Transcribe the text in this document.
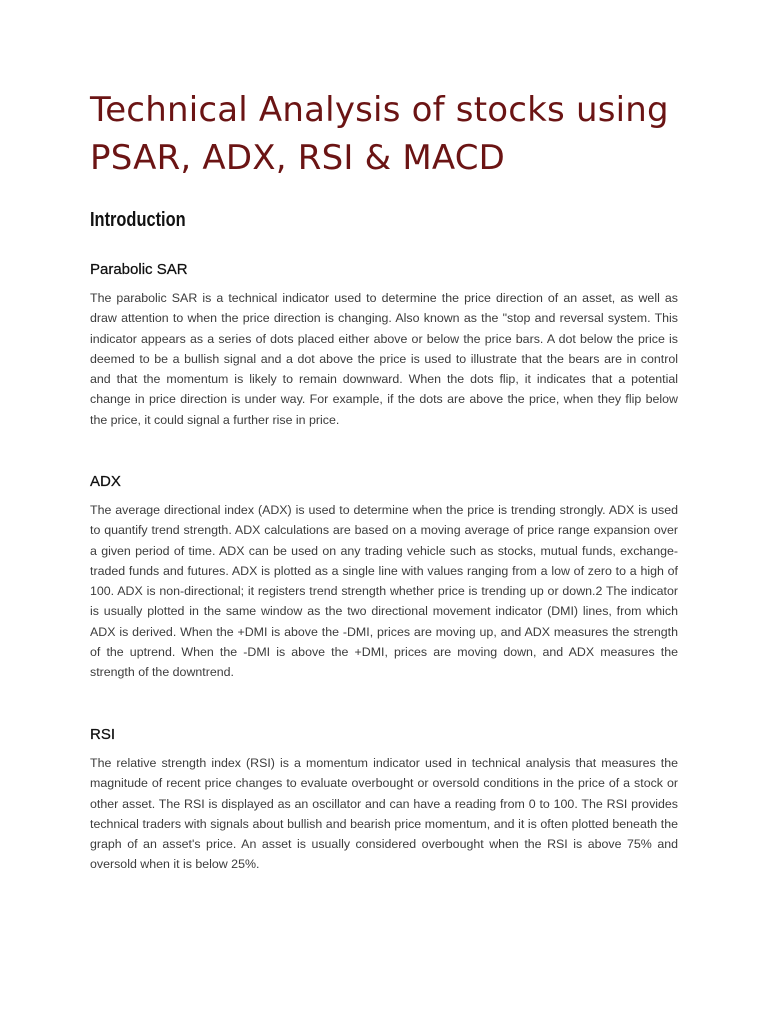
Technical Analysis of stocks using PSAR, ADX, RSI & MACD
Introduction
Parabolic SAR

The parabolic SAR is a technical indicator used to determine the price direction of an asset, as well as draw attention to when the price direction is changing. Also known as the "stop and reversal system. This indicator appears as a series of dots placed either above or below the price bars. A dot below the price is deemed to be a bullish signal and a dot above the price is used to illustrate that the bears are in control and that the momentum is likely to remain downward. When the dots flip, it indicates that a potential change in price direction is under way. For example, if the dots are above the price, when they flip below the price, it could signal a further rise in price.

ADX

The average directional index (ADX) is used to determine when the price is trending strongly. ADX is used to quantify trend strength. ADX calculations are based on a moving average of price range expansion over a given period of time. ADX can be used on any trading vehicle such as stocks, mutual funds, exchange-traded funds and futures. ADX is plotted as a single line with values ranging from a low of zero to a high of 100. ADX is non-directional; it registers trend strength whether price is trending up or down.2 The indicator is usually plotted in the same window as the two directional movement indicator (DMI) lines, from which ADX is derived. When the +DMI is above the -DMI, prices are moving up, and ADX measures the strength of the uptrend. When the -DMI is above the +DMI, prices are moving down, and ADX measures the strength of the downtrend.

RSI

The relative strength index (RSI) is a momentum indicator used in technical analysis that measures the magnitude of recent price changes to evaluate overbought or oversold conditions in the price of a stock or other asset. The RSI is displayed as an oscillator and can have a reading from 0 to 100. The RSI provides technical traders with signals about bullish and bearish price momentum, and it is often plotted beneath the graph of an asset's price. An asset is usually considered overbought when the RSI is above 75% and oversold when it is below 25%.
